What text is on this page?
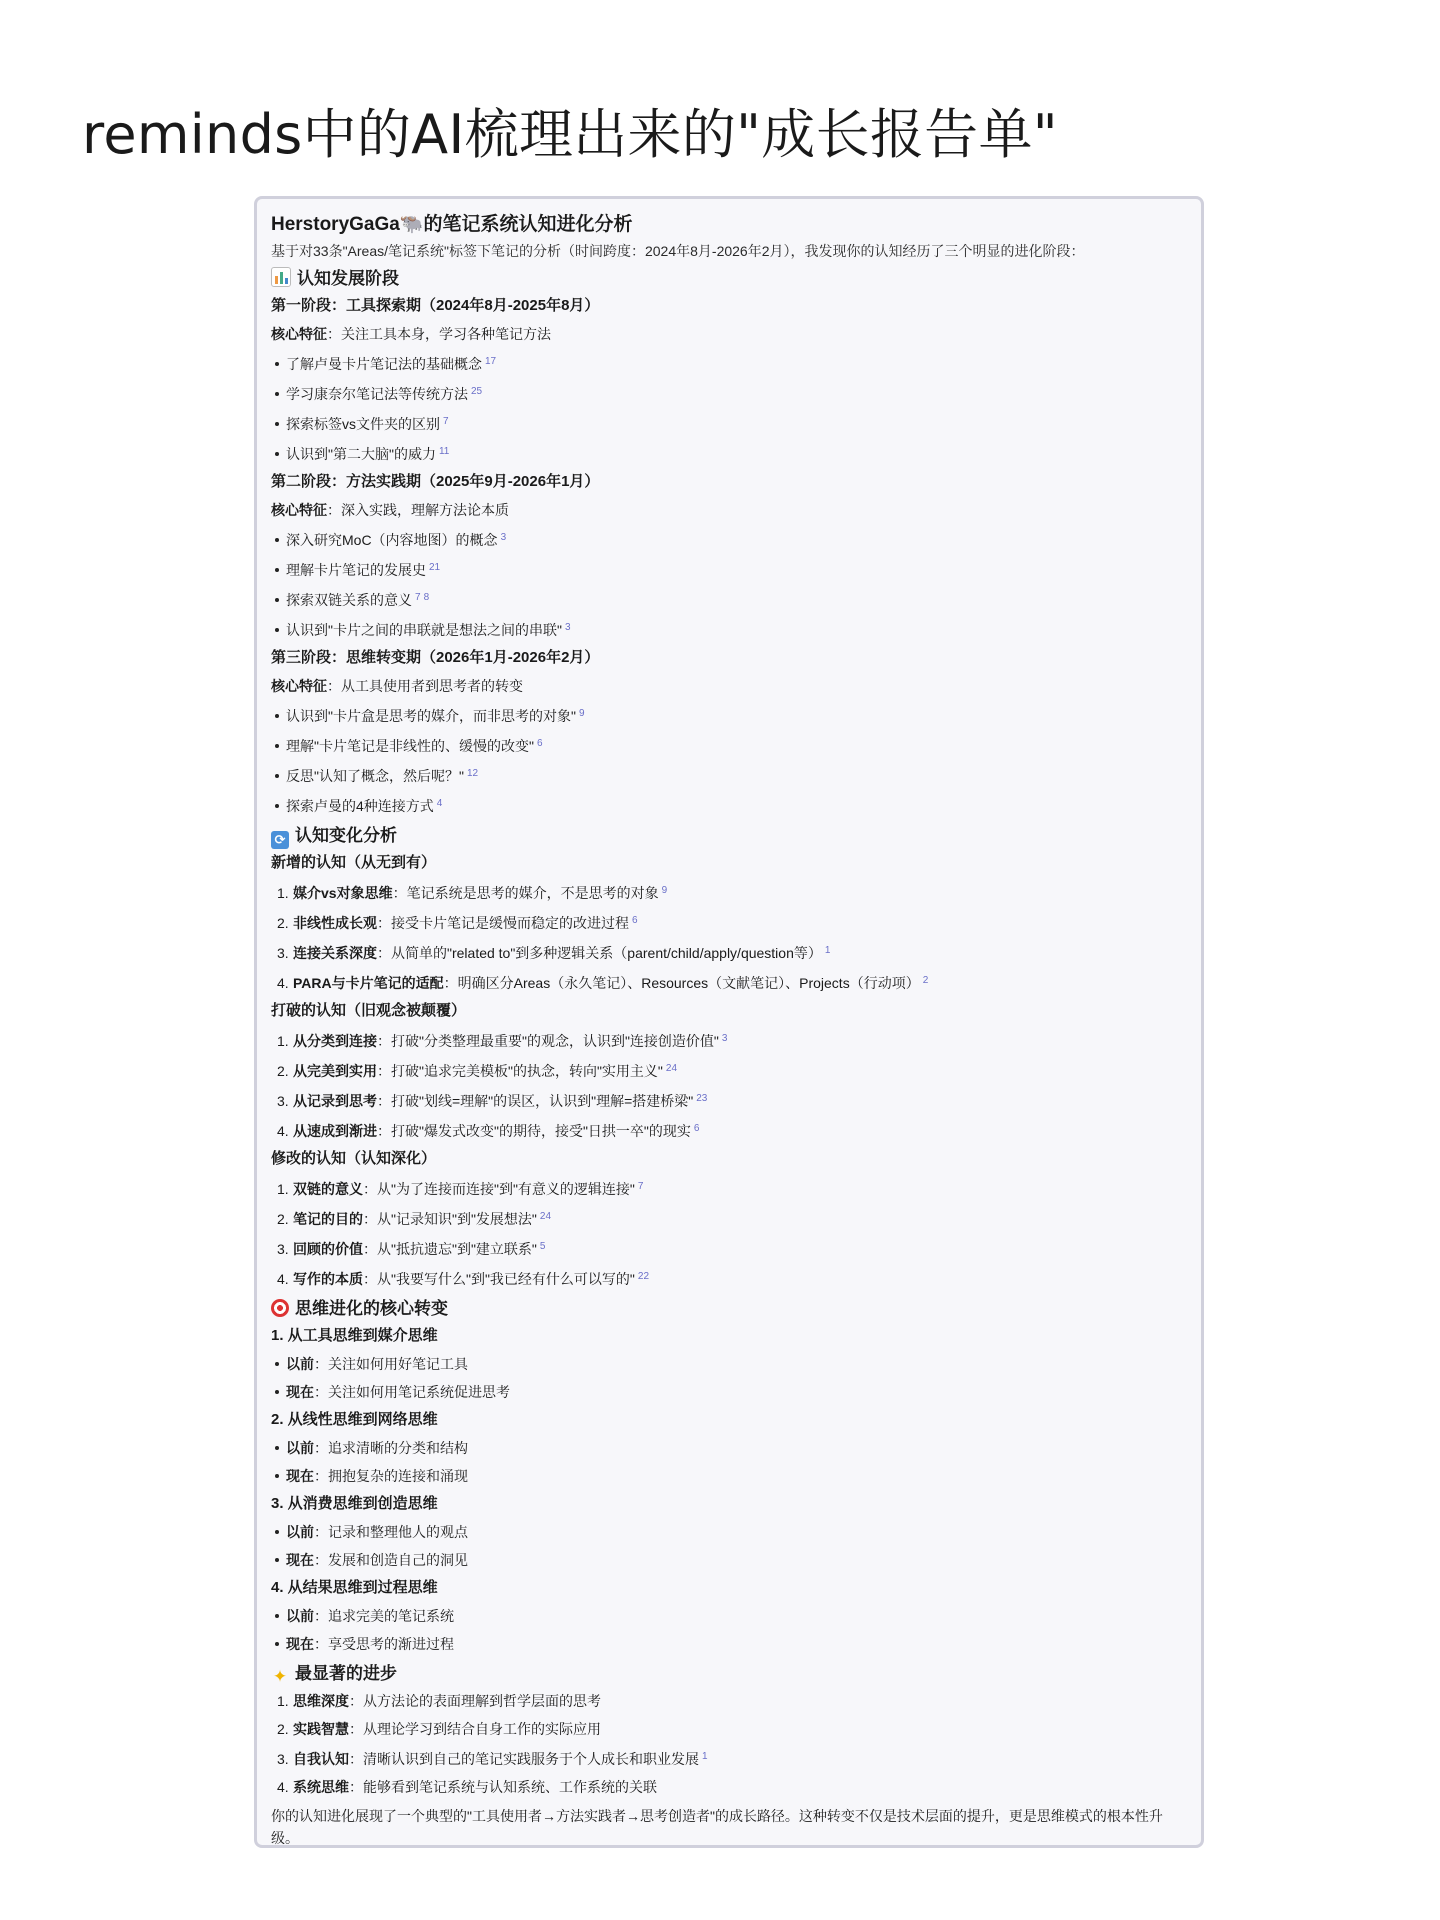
reminds中的AI梳理出来的"成长报告单"
HerstoryGaGa🐃的笔记系统认知进化分析
基于对33条"Areas/笔记系统"标签下笔记的分析（时间跨度：2024年8月-2026年2月），我发现你的认知经历了三个明显的进化阶段：
认知发展阶段
第一阶段：工具探索期（2024年8月-2025年8月）
核心特征：关注工具本身，学习各种笔记方法
了解卢曼卡片笔记法的基础概念 $^{17}$
学习康奈尔笔记法等传统方法 $^{25}$
探索标签vs文件夹的区别 $^7$
认识到"第二大脑"的威力 $^{11}$
第二阶段：方法实践期（2025年9月-2026年1月）
核心特征：深入实践，理解方法论本质
深入研究MoC（内容地图）的概念 $^3$
理解卡片笔记的发展史 $^{21}$
探索双链关系的意义 $^7$ $^8$
认识到"卡片之间的串联就是想法之间的串联" $^3$
第三阶段：思维转变期（2026年1月-2026年2月）
核心特征：从工具使用者到思考者的转变
认识到"卡片盒是思考的媒介，而非思考的对象" $^9$
理解"卡片笔记是非线性的、缓慢的改变" $^6$
反思"认知了概念，然后呢？" $^{12}$
探索卢曼的4种连接方式 $^4$
⟳ 认知变化分析
新增的认知（从无到有）
1. 媒介vs对象思维：笔记系统是思考的媒介，不是思考的对象 $^9$
2. 非线性成长观：接受卡片笔记是缓慢而稳定的改进过程 $^6$
3. 连接关系深度：从简单的"related to"到多种逻辑关系（parent/child/apply/question等） $^1$
4. PARA与卡片笔记的适配：明确区分Areas（永久笔记）、Resources（文献笔记）、Projects（行动项） $^2$
打破的认知（旧观念被颠覆）
1. 从分类到连接：打破"分类整理最重要"的观念，认识到"连接创造价值" $^3$
2. 从完美到实用：打破"追求完美模板"的执念，转向"实用主义" $^{24}$
3. 从记录到思考：打破"划线=理解"的误区，认识到"理解=搭建桥梁" $^{23}$
4. 从速成到渐进：打破"爆发式改变"的期待，接受"日拱一卒"的现实 $^6$
修改的认知（认知深化）
1. 双链的意义：从"为了连接而连接"到"有意义的逻辑连接" $^7$
2. 笔记的目的：从"记录知识"到"发展想法" $^{24}$
3. 回顾的价值：从"抵抗遗忘"到"建立联系" $^5$
4. 写作的本质：从"我要写什么"到"我已经有什么可以写的" $^{22}$
思维进化的核心转变
1. 从工具思维到媒介思维
以前：关注如何用好笔记工具
现在：关注如何用笔记系统促进思考
2. 从线性思维到网络思维
以前：追求清晰的分类和结构
现在：拥抱复杂的连接和涌现
3. 从消费思维到创造思维
以前：记录和整理他人的观点
现在：发展和创造自己的洞见
4. 从结果思维到过程思维
以前：追求完美的笔记系统
现在：享受思考的渐进过程
✦ 最显著的进步
1. 思维深度：从方法论的表面理解到哲学层面的思考
2. 实践智慧：从理论学习到结合自身工作的实际应用
3. 自我认知：清晰认识到自己的笔记实践服务于个人成长和职业发展 $^1$
4. 系统思维：能够看到笔记系统与认知系统、工作系统的关联
你的认知进化展现了一个典型的"工具使用者→方法实践者→思考创造者"的成长路径。这种转变不仅是技术层面的提升，更是思维模式的根本性升级。
